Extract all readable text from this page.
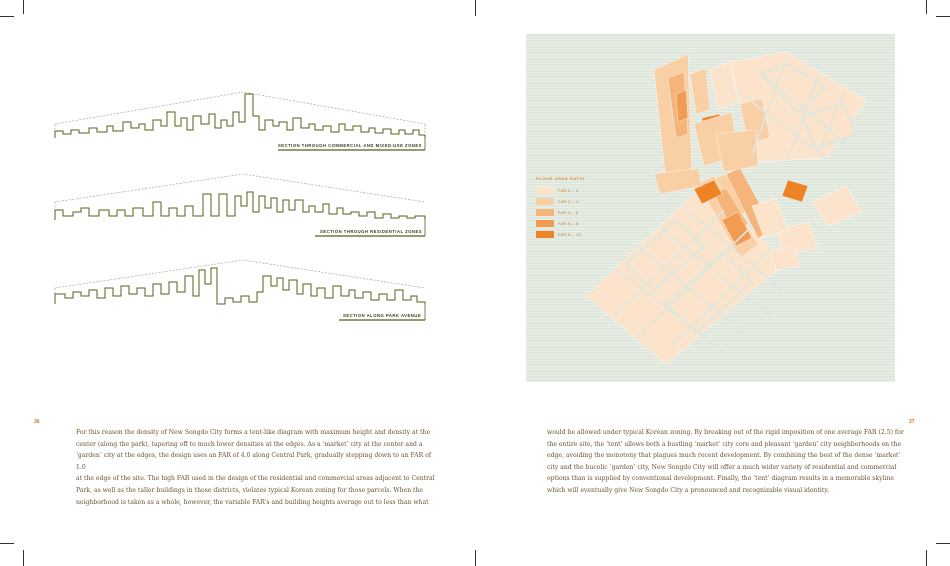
SECTION THROUGH COMMERCIAL AND MIXED-USE ZONES
SECTION THROUGH RESIDENTIAL ZONES
SECTION ALONG PARK AVENUE
FLOOR AREA RATIO
FAR 0 – 2
FAR 2 – 4
FAR 4 – 6
FAR 6 – 8
FAR 8 – 10
36	37
For this reason the density of New Songdo City forms a tent-like diagram with maximum height and density at the
center (along the park), tapering off to much lower densities at the edges. As a ‘market’ city at the center and a
‘garden’ city at the edges, the design uses an FAR of 4.0 along Central Park, gradually stepping down to an FAR of 1.0
at the edge of the site. The high FAR used in the design of the residential and commercial areas adjacent to Central
Park, as well as the taller buildings in those districts, violates typical Korean zoning for those parcels. When the
neighborhood is taken as a whole, however, the variable FAR’s and building heights average out to less than what
would be allowed under typical Korean zoning. By breaking out of the rigid imposition of one average FAR (2.5) for
the entire site, the ‘tent’ allows both a bustling ‘market’ city core and pleasant ‘garden’ city neighborhoods on the
edge, avoiding the monotony that plagues much recent development. By combining the best of the dense ‘market’
city and the bucolic ‘garden’ city, New Songdo City will offer a much wider variety of residential and commercial
options than is supplied by conventional development. Finally, the ‘tent’ diagram results in a memorable skyline
which will eventually give New Songdo City a pronounced and recognizable visual identity.
